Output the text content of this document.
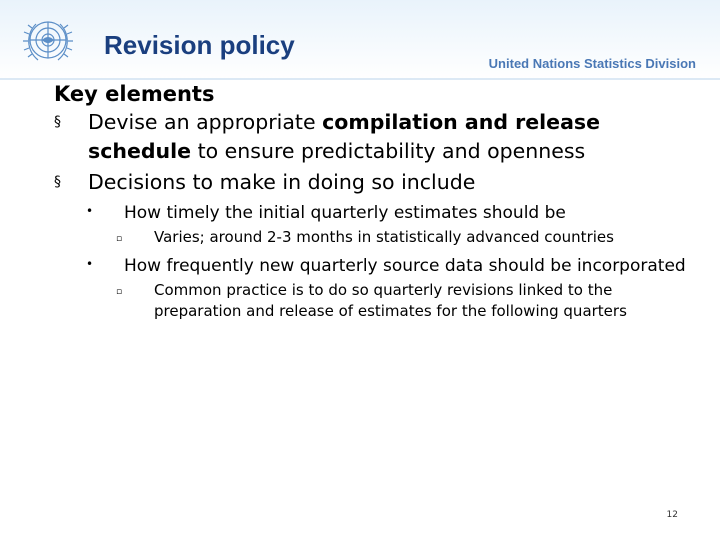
Revision policy
United Nations Statistics Division
Key elements
§ Devise an appropriate compilation and release schedule to ensure predictability and openness
§ Decisions to make in doing so include
• How timely the initial quarterly estimates should be
▫ Varies; around 2-3 months in statistically advanced countries
• How frequently new quarterly source data should be incorporated
▫ Common practice is to do so quarterly revisions linked to the preparation and release of estimates for the following quarters
12
